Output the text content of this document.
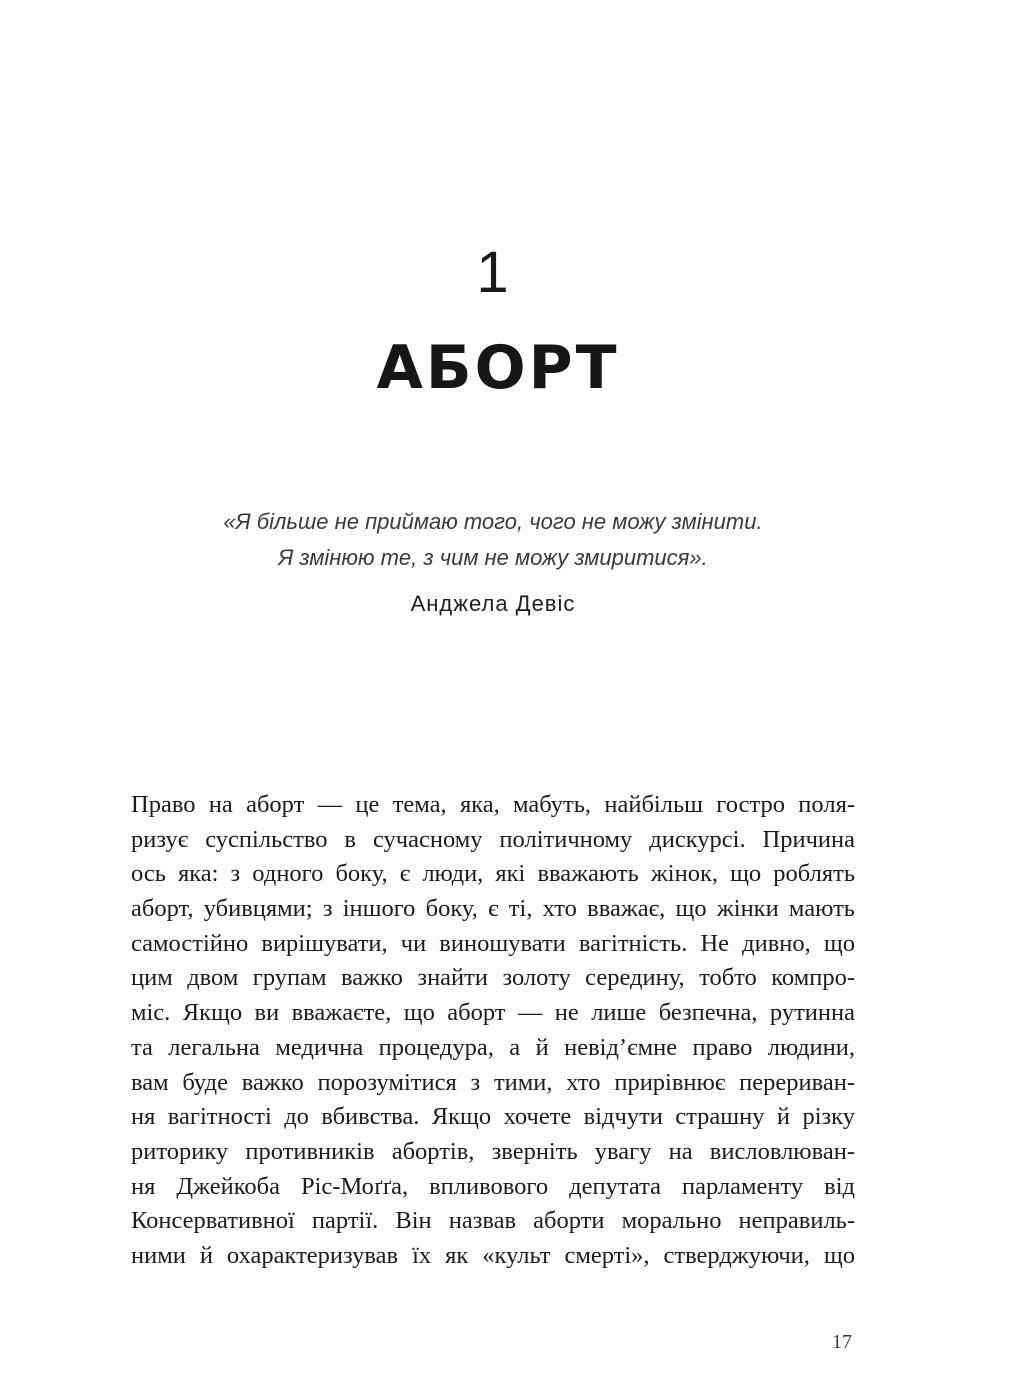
1
АБОРТ
«Я більше не приймаю того, чого не можу змінити.
Я змінюю те, з чим не можу змиритися».
Анджела Девіс
Право на аборт — це тема, яка, мабуть, найбільш гостро поля-
ризує суспільство в сучасному політичному дискурсі. Причина
ось яка: з одного боку, є люди, які вважають жінок, що роблять
аборт, убивцями; з іншого боку, є ті, хто вважає, що жінки мають
самостійно вирішувати, чи виношувати вагітність. Не дивно, що
цим двом групам важко знайти золоту середину, тобто компро-
міс. Якщо ви вважаєте, що аборт — не лише безпечна, рутинна
та легальна медична процедура, а й невід’ємне право людини,
вам буде важко порозумітися з тими, хто прирівнює перериван-
ня вагітності до вбивства. Якщо хочете відчути страшну й різку
риторику противників абортів, зверніть увагу на висловлюван-
ня Джейкоба Ріс-Моґґа, впливового депутата парламенту від
Консервативної партії. Він назвав аборти морально неправиль-
ними й охарактеризував їх як «культ смерті», стверджуючи, що
17
